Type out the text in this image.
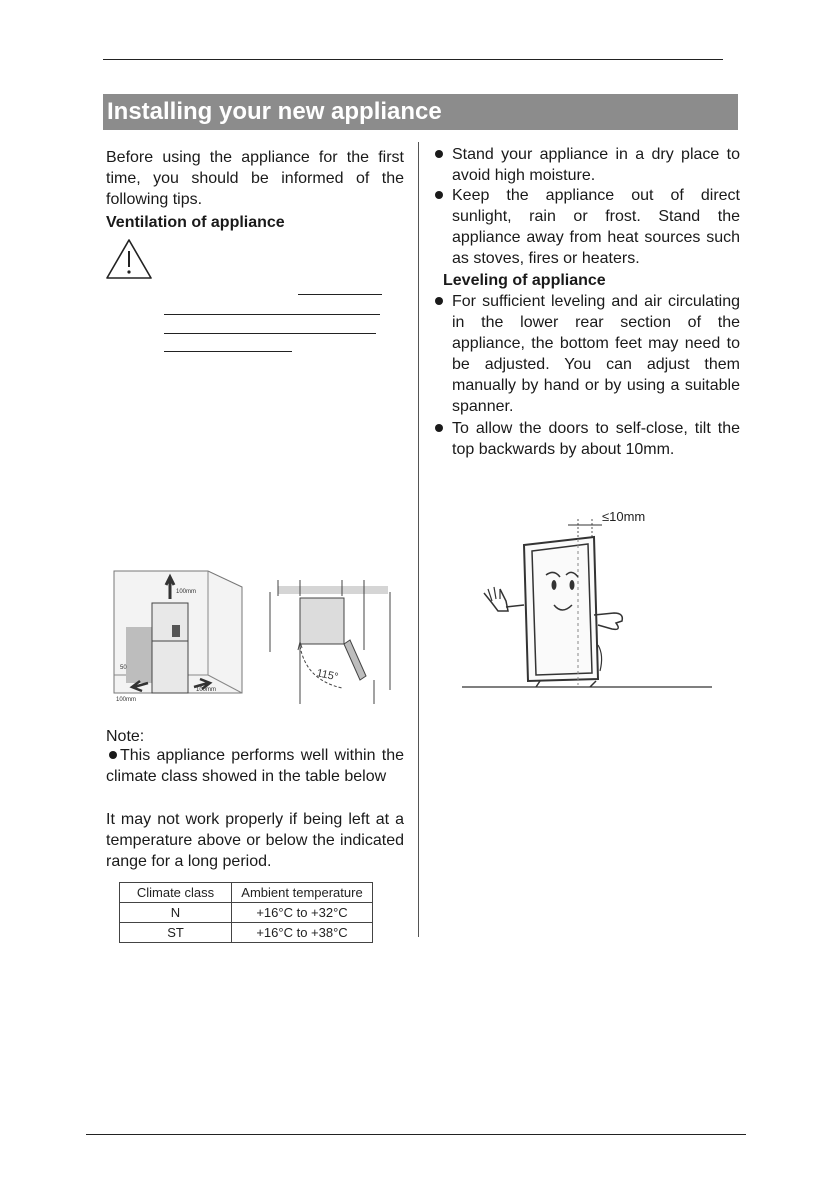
Installing your new appliance
Before using the appliance for the first time, you should be informed of the following tips.
Ventilation of appliance
100mm
50
100mm
100mm
115°
Note:
This appliance performs well within the climate class showed in the table below
It may not work properly if being left at a temperature above or below the indicated range for a long period.
Climate class	Ambient temperature
N	+16°C to +32°C
ST	+16°C to +38°C
Stand your appliance in a dry place to avoid high moisture.
Keep the appliance out of direct sunlight, rain or frost. Stand the appliance away from heat sources such as stoves, fires or heaters.
Leveling of appliance
For sufficient leveling and air circulating in the lower rear section of the appliance, the bottom feet may need to be adjusted. You can adjust them manually by hand or by using a suitable spanner.
To allow the doors to self-close, tilt the top backwards by about 10mm.
≤10mm
